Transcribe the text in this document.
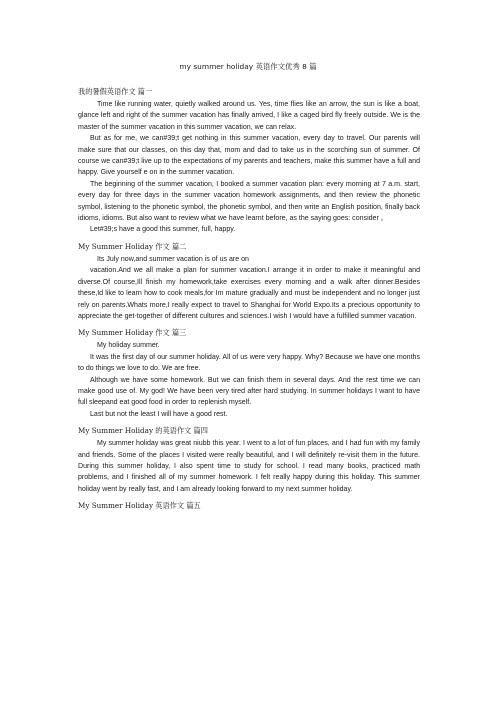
my summer holiday 英语作文优秀 8 篇
我的暑假英语作文 篇一

Time like running water, quietly walked around us. Yes, time flies like an arrow, the sun is like a boat, glance left and right of the summer vacation has finally arrived, I like a caged bird fly freely outside. We is the master of the summer vacation in this summer vacation, we can relax.

But as for me, we can#39;t get nothing in this summer vacation, every day to travel. Our parents will make sure that our classes, on this day that, mom and dad to take us in the scorching sun of summer. Of course we can#39;t live up to the expectations of my parents and teachers, make this summer have a full and happy. Give yourself e on in the summer vacation.

The beginning of the summer vacation, I booked a summer vacation plan: every morning at 7 a.m. start, every day for three days in the summer vacation homework assignments, and then review the phonetic symbol, listening to the phonetic symbol, the phonetic symbol, and then write an English position, finally back idioms, idioms. But also want to review what we have learnt before, as the saying goes: consider 。

Let#39;s have a good this summer, full, happy.

My Summer Holiday 作文 篇二

Its July now,and summer vacation is of us are on

vacation.And we all make a plan for summer vacation.I arrange it in order to make it meaningful and diverse.Of course,Ill finish my homework,take exercises every morning and a walk after dinner.Besides these,Id like to learn how to cook meals,for Im mature gradually and must be independent and no longer just rely on parents.Whats more,I really expect to travel to Shanghai for World Expo.Its a precious opportunity to appreciate the get-together of different cultures and sciences.I wish I would have a fulfilled summer vacation.

My Summer Holiday 作文 篇三

My holiday summer.

It was the first day of our summer holiday. All of us were very happy. Why? Because we have one months to do things we love to do. We are free.

Although we have some homework. But we can finish them in several days. And the rest time we can make good use of. My god! We have been very tired after hard studying. In summer holidays I want to have full sleepand eat good food in order to replenish myself.

Last but not the least I will have a good rest.

My Summer Holiday 的英语作文 篇四

My summer holiday was great niubb this year. I went to a lot of fun places, and I had fun with my family and friends. Some of the places I visited were really beautiful, and I will definitely re-visit them in the future. During this summer holiday, I also spent time to study for school. I read many books, practiced math problems, and I finished all of my summer homework. I felt really happy during this holiday. This summer holiday went by really fast, and I am already looking forward to my next summer holiday.

My Summer Holiday 英语作文 篇五
